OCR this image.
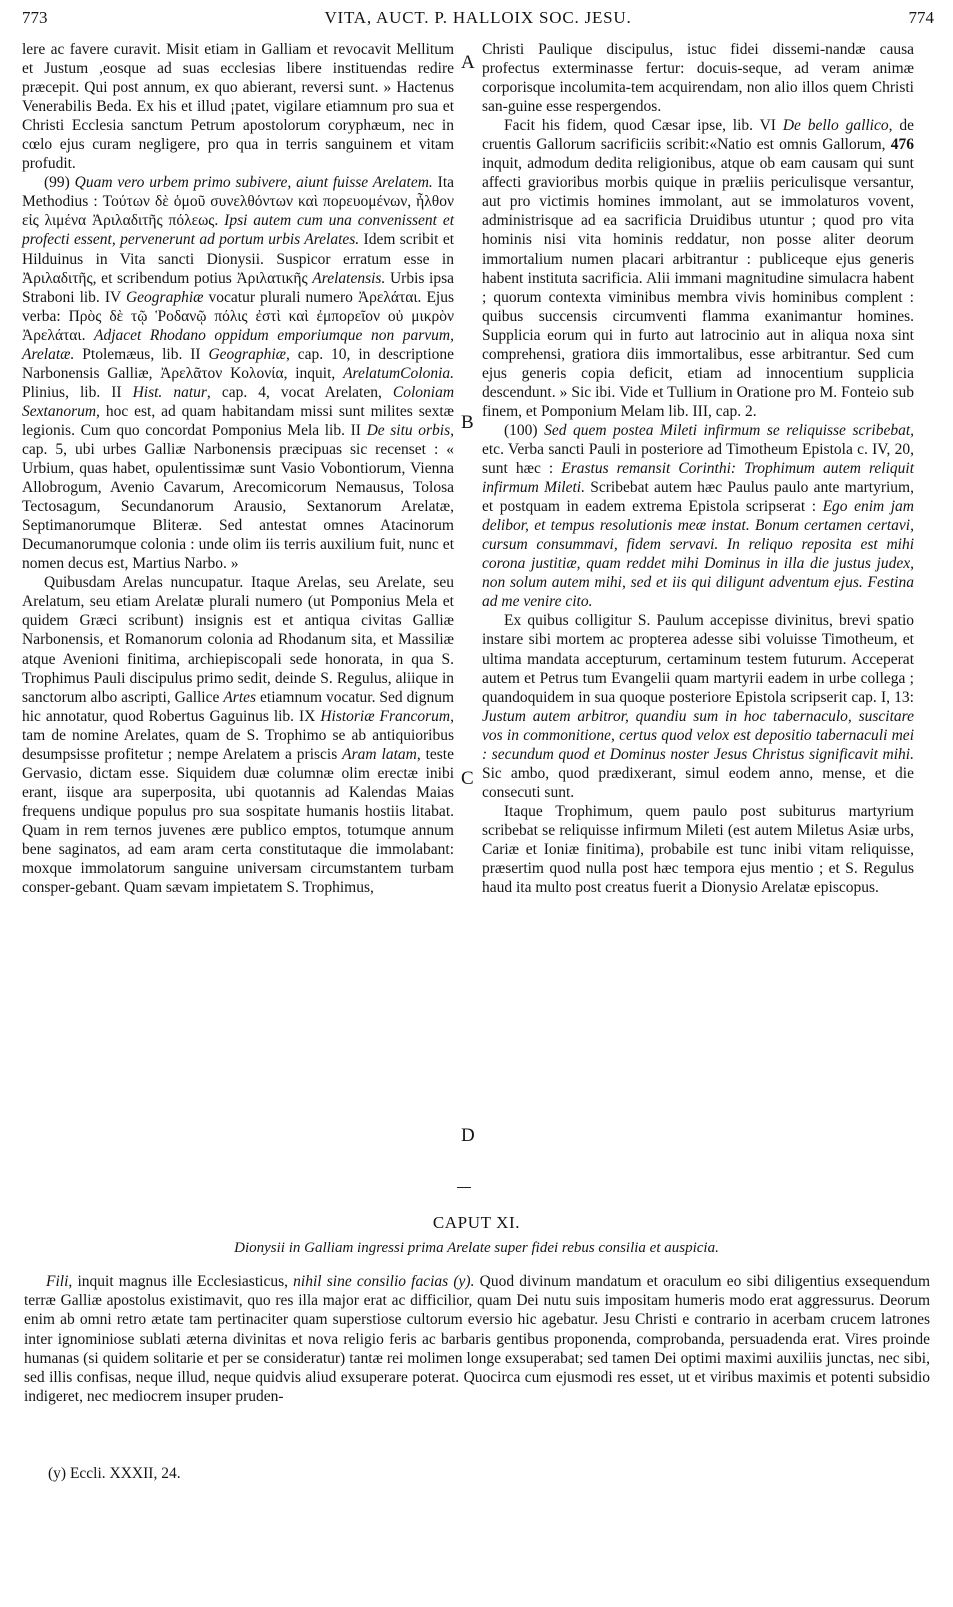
773	VITA, AUCT. P. HALLOIX SOC. JESU.	774

lere ac favere curavit. Misit etiam in Galliam et revocavit Mellitum et Justum ,eosque ad suas ecclesias libere instituendas redire præcepit. Qui post annum, ex quo abierant, reversi sunt. » Hactenus Venerabilis Beda. Ex his et illud ¡patet, vigilare etiamnum pro sua et Christi Ecclesia sanctum Petrum apostolorum coryphæum, nec in cœlo ejus curam negligere, pro qua in terris sanguinem et vitam profudit.

(99) Quam vero urbem primo subivere, aiunt fuisse Arelatem. Ita Methodius : Τούτων δὲ ὁμοῦ συνελθόντων καὶ πορευομένων, ἦλθον εἰς λιμένα Ἀριλαδιτῆς πόλεως. Ipsi autem cum una convenissent et profecti essent, pervenerunt ad portum urbis Arelates. Idem scribit et Hilduinus in Vita sancti Dionysii. Suspicor erratum esse in Ἀριλαδιτῆς, et scribendum potius Ἀριλατικῆς Arelatensis. Urbis ipsa Straboni lib. IV Geographiæ vocatur plurali numero Ἀρελάται. Ejus verba: Πρὸς δὲ τῷ Ῥοδανῷ πόλις ἐστὶ καὶ ἐμπορεῖον οὐ μικρὸν Ἀρελάται. Adjacet Rhodano oppidum emporiumque non parvum, Arelatæ. Ptolemæus, lib. II Geographiæ, cap. 10, in descriptione Narbonensis Galliæ, Ἀρελᾶτον Κολονία, inquit, ArelatumColonia. Plinius, lib. II Hist. natur, cap. 4, vocat Arelaten, Coloniam Sextanorum, hoc est, ad quam habitandam missi sunt milites sextæ legionis. Cum quo concordat Pomponius Mela lib. II De situ orbis, cap. 5, ubi urbes Galliæ Narbonensis præcipuas sic recenset : « Urbium, quas habet, opulentissimæ sunt Vasio Vobontiorum, Vienna Allobrogum, Avenio Cavarum, Arecomicorum Nemausus, Tolosa Tectosagum, Secundanorum Arausio, Sextanorum Arelatæ, Septimanorumque Bliteræ. Sed antestat omnes Atacinorum Decumanorumque colonia : unde olim iis terris auxilium fuit, nunc et nomen decus est, Martius Narbo. »

Quibusdam Arelas nuncupatur. Itaque Arelas, seu Arelate, seu Arelatum, seu etiam Arelatæ plurali numero (ut Pomponius Mela et quidem Græci scribunt) insignis est et antiqua civitas Galliæ Narbonensis, et Romanorum colonia ad Rhodanum sita, et Massiliæ atque Avenioni finitima, archiepiscopali sede honorata, in qua S. Trophimus Pauli discipulus primo sedit, deinde S. Regulus, aliique in sanctorum albo ascripti, Gallice Artes etiamnum vocatur. Sed dignum hic annotatur, quod Robertus Gaguinus lib. IX Historiæ Francorum, tam de nomine Arelates, quam de S. Trophimo se ab antiquioribus desumpsisse profitetur ; nempe Arelatem a priscis Aram latam, teste Gervasio, dictam esse. Siquidem duæ columnæ olim erectæ inibi erant, iisque ara superposita, ubi quotannis ad Kalendas Maias frequens undique populus pro sua sospitate humanis hostiis litabat. Quam in rem ternos juvenes ære publico emptos, totumque annum bene saginatos, ad eam aram certa constitutaque die immolabant: moxque immolatorum sanguine universam circumstantem turbam consper-gebant. Quam sævam impietatem S. Trophimus,

A
B
C
D

Christi Paulique discipulus, istuc fidei dissemi-nandæ causa profectus exterminasse fertur: docuis-seque, ad veram animæ corporisque incolumita-tem acquirendam, non alio illos quem Christi san-guine esse respergendos.

Facit his fidem, quod Cæsar ipse, lib. VI De bello gallico, de cruentis Gallorum sacrificiis scribit:«Natio est omnis Gallorum, 476 inquit, admodum dedita religionibus, atque ob eam causam qui sunt affecti gravioribus morbis quique in præliis periculisque versantur, aut pro victimis homines immolant, aut se immolaturos vovent, administrisque ad ea sacrificia Druidibus utuntur ; quod pro vita hominis nisi vita hominis reddatur, non posse aliter deorum immortalium numen placari arbitrantur : publiceque ejus generis habent instituta sacrificia. Alii immani magnitudine simulacra habent ; quorum contexta viminibus membra vivis hominibus complent : quibus succensis circumventi flamma exanimantur homines. Supplicia eorum qui in furto aut latrocinio aut in aliqua noxa sint comprehensi, gratiora diis immortalibus, esse arbitrantur. Sed cum ejus generis copia deficit, etiam ad innocentium supplicia descendunt. » Sic ibi. Vide et Tullium in Oratione pro M. Fonteio sub finem, et Pomponium Melam lib. III, cap. 2.

(100) Sed quem postea Mileti infirmum se reliquisse scribebat, etc. Verba sancti Pauli in posteriore ad Timotheum Epistola c. IV, 20, sunt hæc : Erastus remansit Corinthi: Trophimum autem reliquit infirmum Mileti. Scribebat autem hæc Paulus paulo ante martyrium, et postquam in eadem extrema Epistola scripserat : Ego enim jam delibor, et tempus resolutionis meæ instat. Bonum certamen certavi, cursum consummavi, fidem servavi. In reliquo reposita est mihi corona justitiæ, quam reddet mihi Dominus in illa die justus judex, non solum autem mihi, sed et iis qui diligunt adventum ejus. Festina ad me venire cito.

Ex quibus colligitur S. Paulum accepisse divinitus, brevi spatio instare sibi mortem ac propterea adesse sibi voluisse Timotheum, et ultima mandata accepturum, certaminum testem futurum. Acceperat autem et Petrus tum Evangelii quam martyrii eadem in urbe collega ; quandoquidem in sua quoque posteriore Epistola scripserit cap. I, 13: Justum autem arbitror, quandiu sum in hoc tabernaculo, suscitare vos in commonitione, certus quod velox est depositio tabernaculi mei : secundum quod et Dominus noster Jesus Christus significavit mihi. Sic ambo, quod prædixerant, simul eodem anno, mense, et die consecuti sunt.

Itaque Trophimum, quem paulo post subiturus martyrium scribebat se reliquisse infirmum Mileti (est autem Miletus Asiæ urbs, Cariæ et Ioniæ finitima), probabile est tunc inibi vitam reliquisse, præsertim quod nulla post hæc tempora ejus mentio ; et S. Regulus haud ita multo post creatus fuerit a Dionysio Arelatæ episcopus.

CAPUT XI.
Dionysii in Galliam ingressi prima Arelate super fidei rebus consilia et auspicia.

Fili, inquit magnus ille Ecclesiasticus, nihil sine consilio facias (y). Quod divinum mandatum et oraculum eo sibi diligentius exsequendum terræ Galliæ apostolus existimavit, quo res illa major erat ac difficilior, quam Dei nutu suis impositam humeris modo erat aggressurus. Deorum enim ab omni retro ætate tam pertinaciter quam superstiose cultorum eversio hic agebatur. Jesu Christi e contrario in acerbam crucem latrones inter ignominiose sublati æterna divinitas et nova religio feris ac barbaris gentibus proponenda, comprobanda, persuadenda erat. Vires proinde humanas (si quidem solitarie et per se consideratur) tantæ rei molimen longe exsuperabat; sed tamen Dei optimi maximi auxiliis junctas, nec sibi, sed illis confisas, neque illud, neque quidvis aliud exsuperare poterat. Quocirca cum ejusmodi res esset, ut et viribus maximis et potenti subsidio indigeret, nec mediocrem insuper pruden-

(y) Eccli. XXXII, 24.
